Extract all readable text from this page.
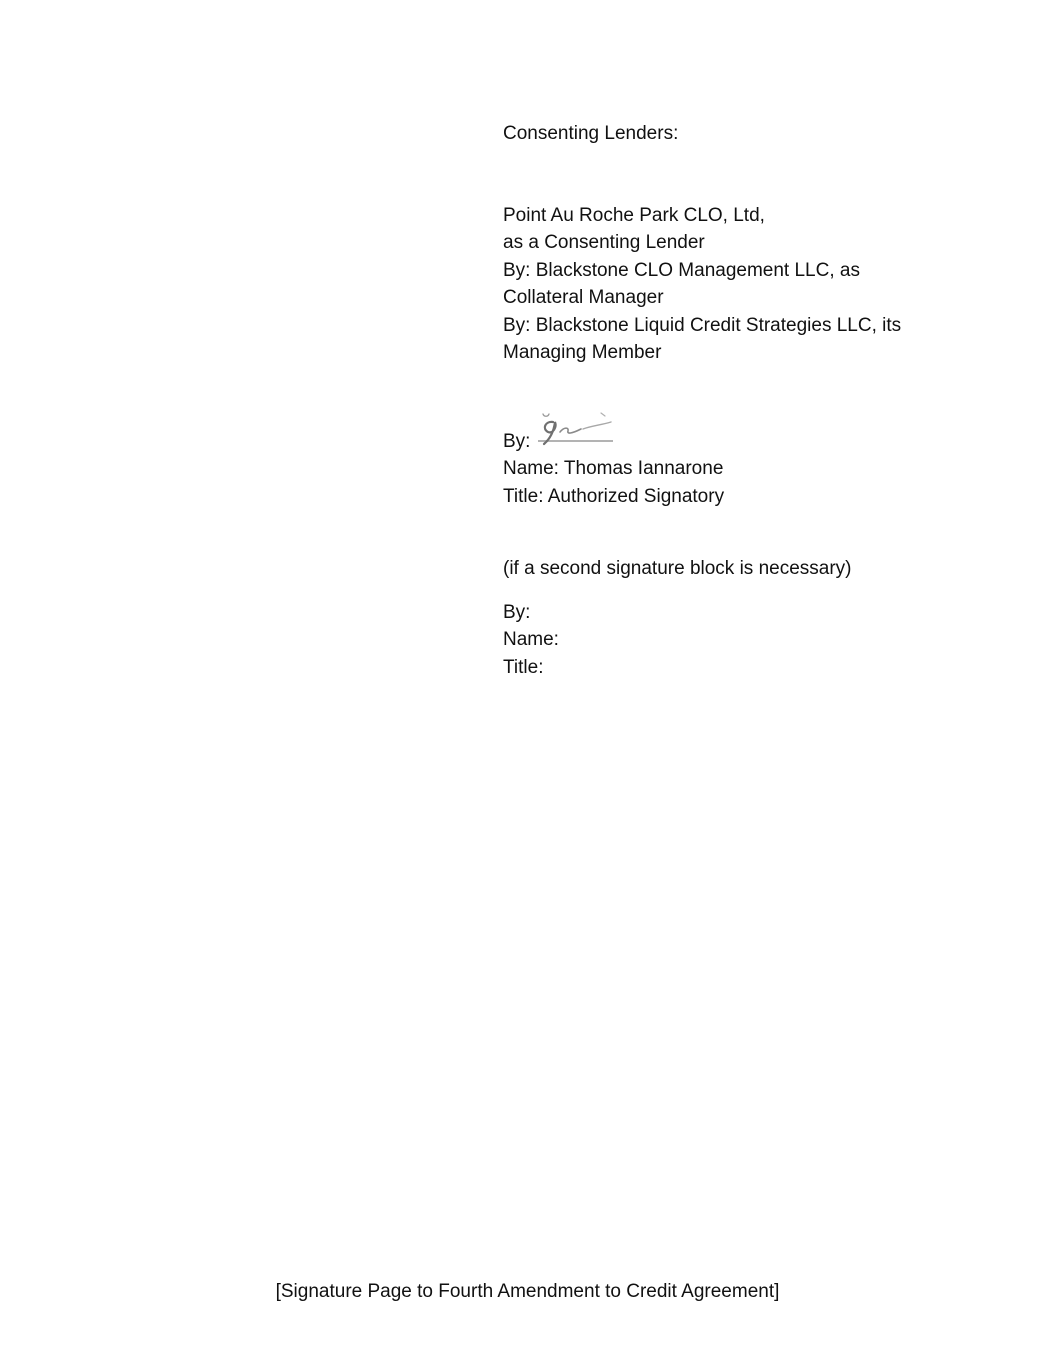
Consenting Lenders:
Point Au Roche Park CLO, Ltd,
as a Consenting Lender
By: Blackstone CLO Management LLC, as
Collateral Manager
By: Blackstone Liquid Credit Strategies LLC, its
Managing Member
By:
Name: Thomas Iannarone
Title: Authorized Signatory
(if a second signature block is necessary)
By:
Name:
Title:
[Signature Page to Fourth Amendment to Credit Agreement]
